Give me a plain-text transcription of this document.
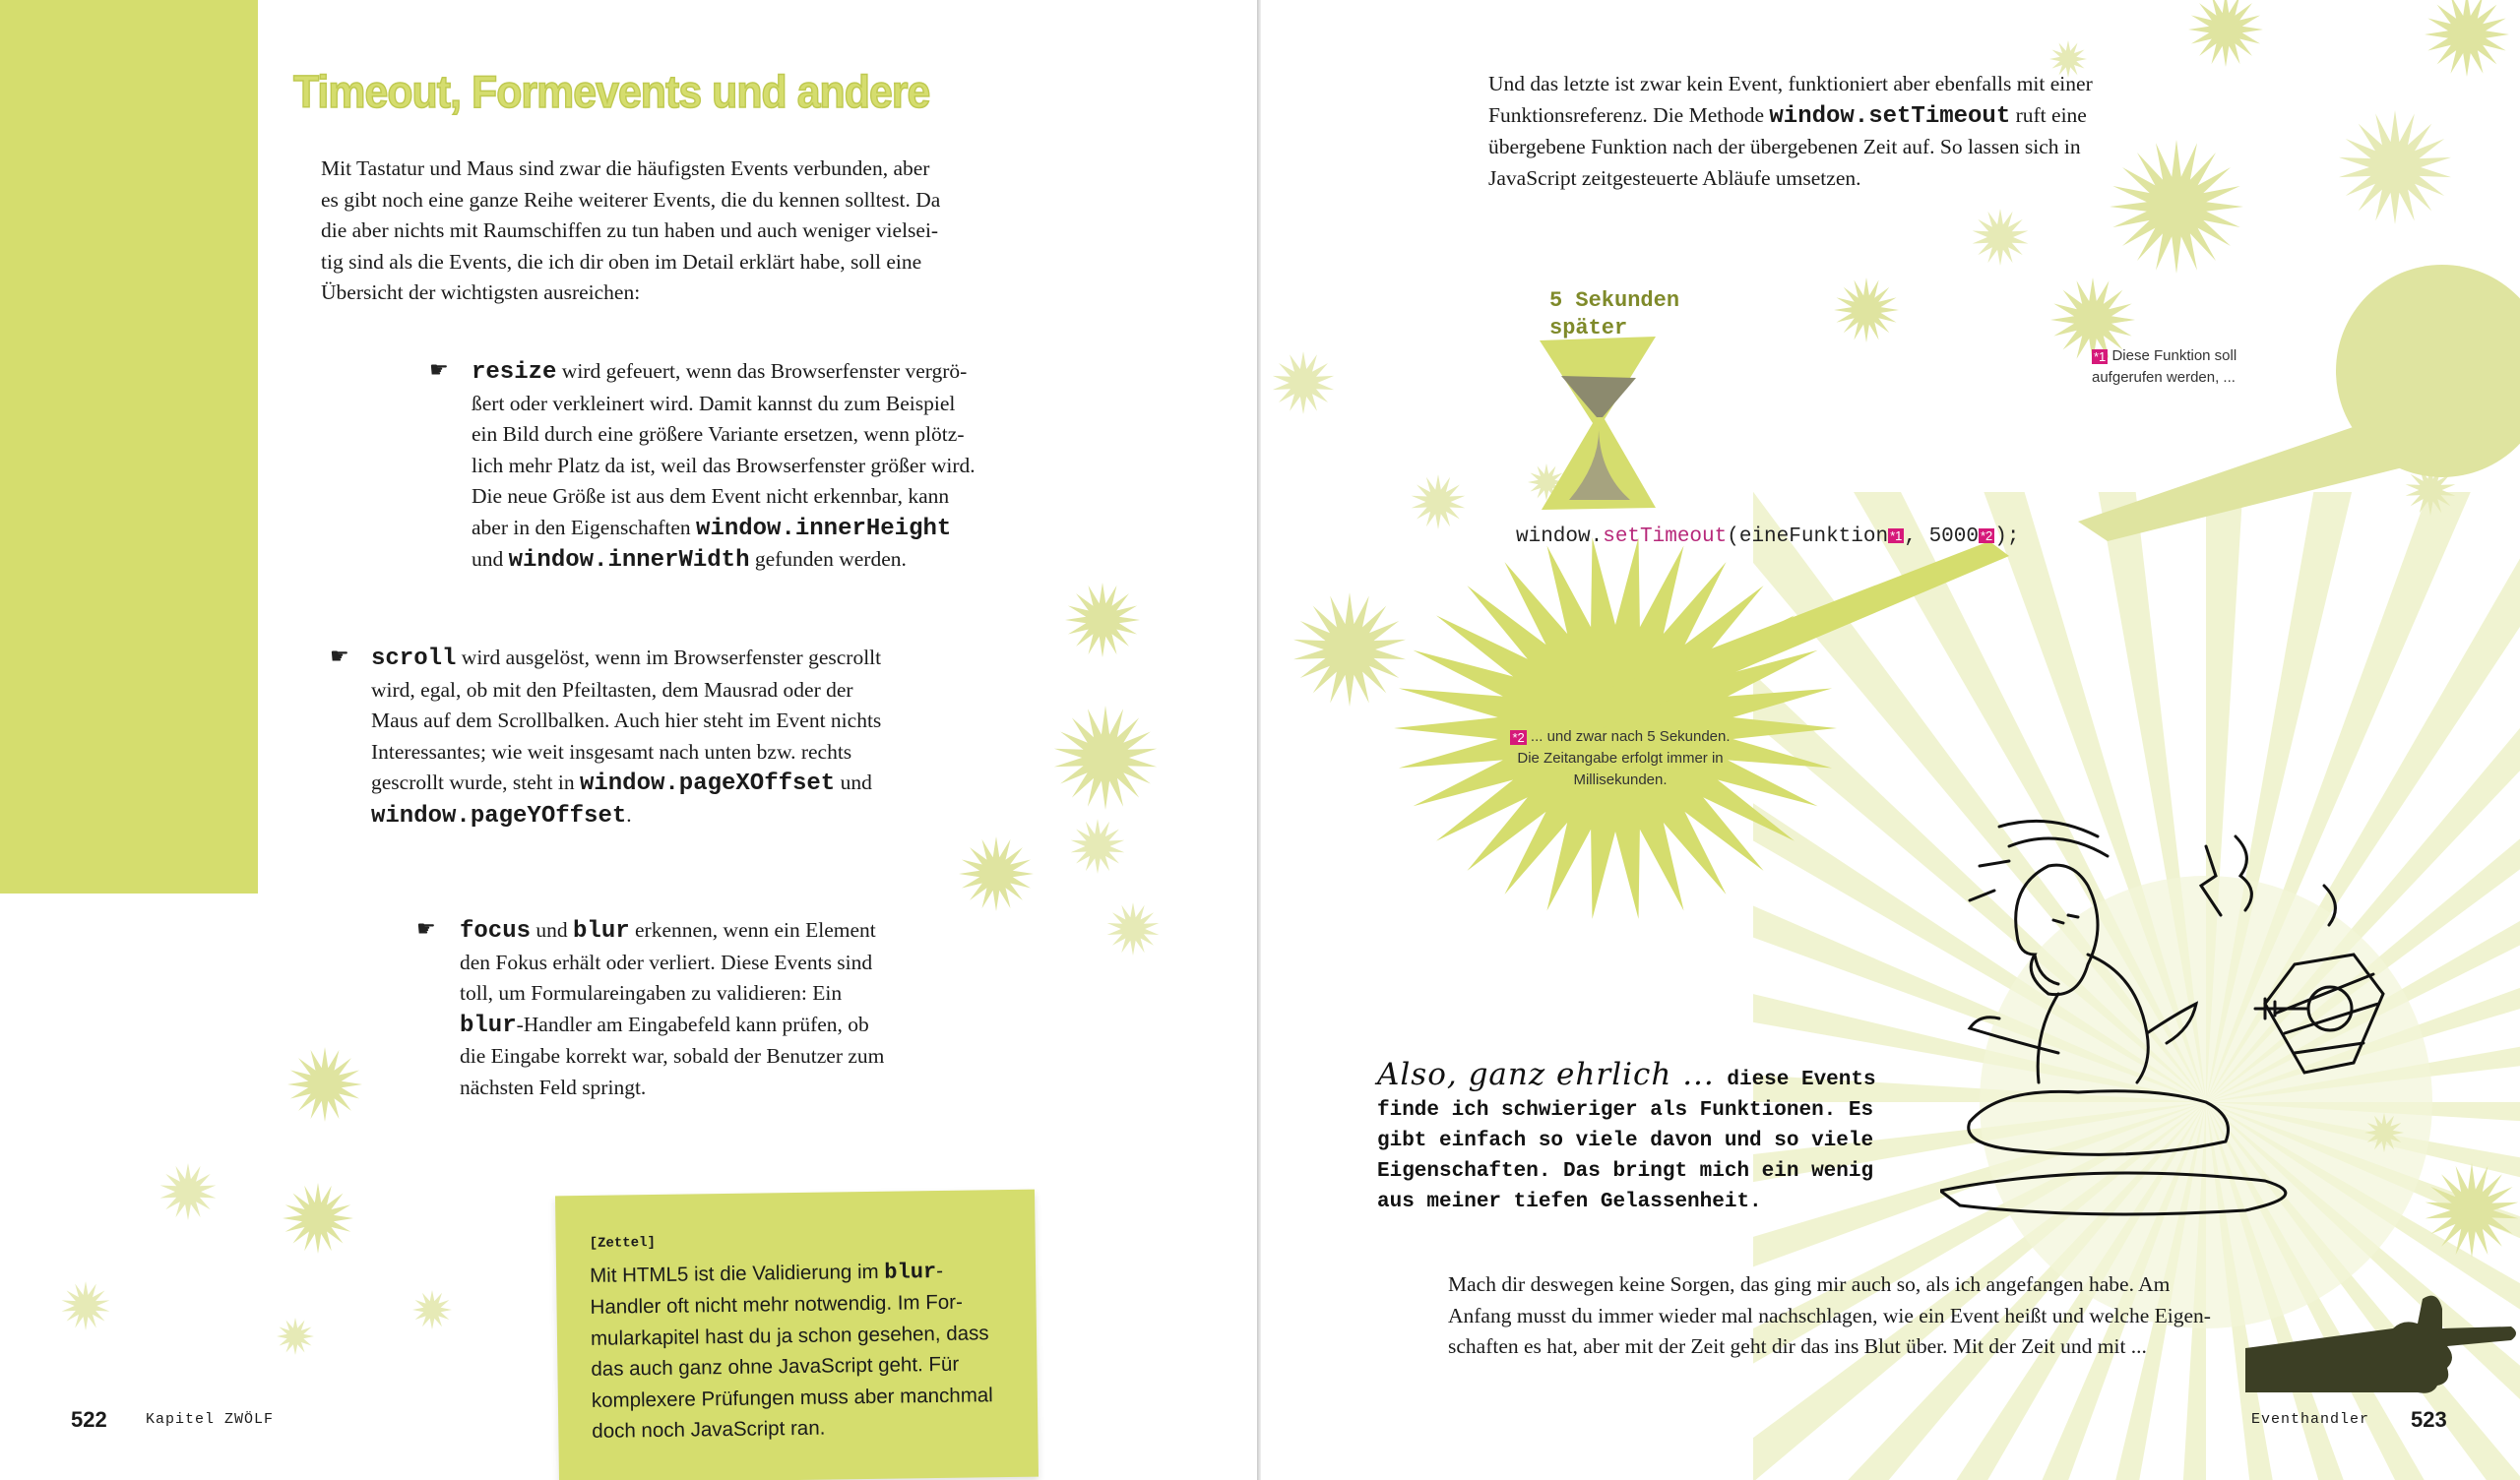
Timeout, Formevents und andere
Mit Tastatur und Maus sind zwar die häufigsten Events verbunden, aber
es gibt noch eine ganze Reihe weiterer Events, die du kennen solltest. Da
die aber nichts mit Raumschiffen zu tun haben und auch weniger vielsei-
tig sind als die Events, die ich dir oben im Detail erklärt habe, soll eine
Übersicht der wichtigsten ausreichen:
☛ resize wird gefeuert, wenn das Browserfenster vergrö-
ßert oder verkleinert wird. Damit kannst du zum Beispiel
ein Bild durch eine größere Variante ersetzen, wenn plötz-
lich mehr Platz da ist, weil das Browserfenster größer wird.
Die neue Größe ist aus dem Event nicht erkennbar, kann
aber in den Eigenschaften window.innerHeight
und window.innerWidth gefunden werden.
☛ scroll wird ausgelöst, wenn im Browserfenster gescrollt
wird, egal, ob mit den Pfeiltasten, dem Mausrad oder der
Maus auf dem Scrollbalken. Auch hier steht im Event nichts
Interessantes; wie weit insgesamt nach unten bzw. rechts
gescrollt wurde, steht in window.pageXOffset und
window.pageYOffset.
☛ focus und blur erkennen, wenn ein Element
den Fokus erhält oder verliert. Diese Events sind
toll, um Formulareingaben zu validieren: Ein
blur-Handler am Eingabefeld kann prüfen, ob
die Eingabe korrekt war, sobald der Benutzer zum
nächsten Feld springt.
[Zettel]
Mit HTML5 ist die Validierung im blur-
Handler oft nicht mehr notwendig. Im For-
mularkapitel hast du ja schon gesehen, dass
das auch ganz ohne JavaScript geht. Für
komplexere Prüfungen muss aber manchmal
doch noch JavaScript ran.
522	Kapitel ZWÖLF
*1 Diese Funktion soll
aufgerufen werden, ...
*2 ... und zwar nach 5 Sekunden.
Die Zeitangabe erfolgt immer in
Millisekunden.
Und das letzte ist zwar kein Event, funktioniert aber ebenfalls mit einer
Funktionsreferenz. Die Methode window.setTimeout ruft eine
übergebene Funktion nach der übergebenen Zeit auf. So lassen sich in
JavaScript zeitgesteuerte Abläufe umsetzen.
5 Sekunden
später
window.setTimeout(eineFunktion *1, 5000 *2);
Also, ganz ehrlich ... diese Events
finde ich schwieriger als Funktionen. Es
gibt einfach so viele davon und so viele
Eigenschaften. Das bringt mich ein wenig
aus meiner tiefen Gelassenheit.
Mach dir deswegen keine Sorgen, das ging mir auch so, als ich angefangen habe. Am
Anfang musst du immer wieder mal nachschlagen, wie ein Event heißt und welche Eigen-
schaften es hat, aber mit der Zeit geht dir das ins Blut über. Mit der Zeit und mit ...
Eventhandler 523
